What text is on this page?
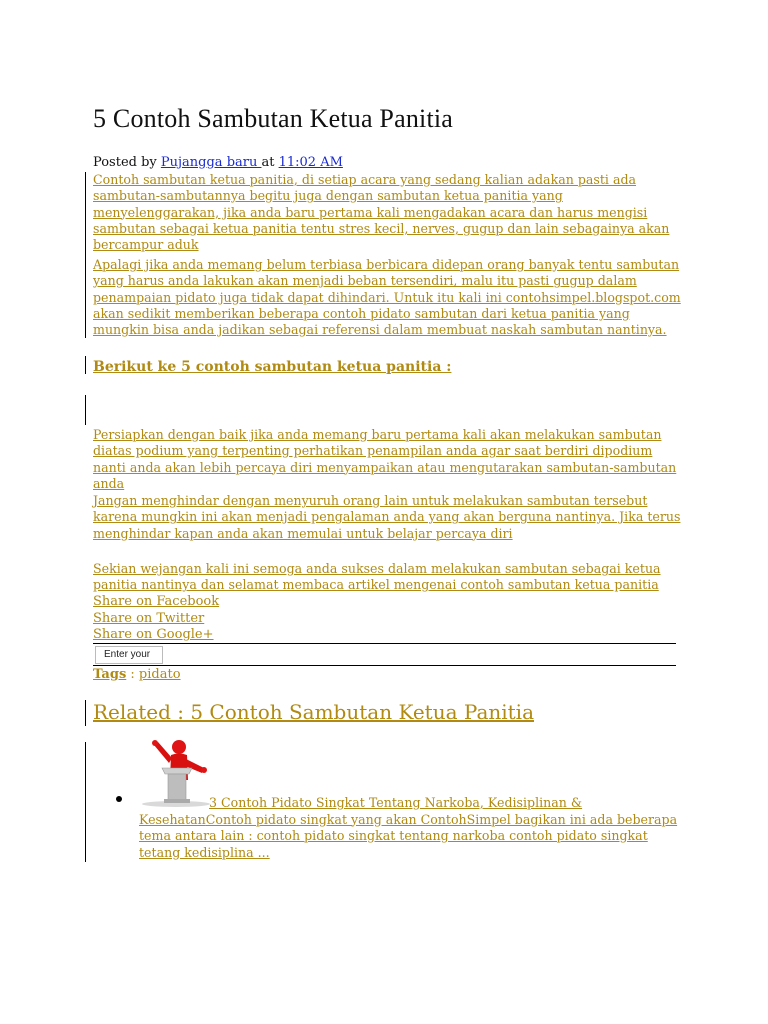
5 Contoh Sambutan Ketua Panitia
Posted by Pujangga baru at 11:02 AM

Contoh sambutan ketua panitia, di setiap acara yang sedang kalian adakan pasti ada sambutan-sambutannya begitu juga dengan sambutan ketua panitia yang menyelenggarakan, jika anda baru pertama kali mengadakan acara dan harus mengisi sambutan sebagai ketua panitia tentu stres kecil, nerves, gugup dan lain sebagainya akan bercampur aduk

Apalagi jika anda memang belum terbiasa berbicara didepan orang banyak tentu sambutan yang harus anda lakukan akan menjadi beban tersendiri, malu itu pasti gugup dalam penampaian pidato juga tidak dapat dihindari. Untuk itu kali ini contohsimpel.blogspot.com akan sedikit memberikan beberapa contoh pidato sambutan dari ketua panitia yang mungkin bisa anda jadikan sebagai referensi dalam membuat naskah sambutan nantinya.

Berikut ke 5 contoh sambutan ketua panitia :

Persiapkan dengan baik jika anda memang baru pertama kali akan melakukan sambutan diatas podium yang terpenting perhatikan penampilan anda agar saat berdiri dipodium nanti anda akan lebih percaya diri menyampaikan atau mengutarakan sambutan-sambutan anda

Jangan menghindar dengan menyuruh orang lain untuk melakukan sambutan tersebut karena mungkin ini akan menjadi pengalaman anda yang akan berguna nantinya. Jika terus menghindar kapan anda akan memulai untuk belajar percaya diri

Sekian wejangan kali ini semoga anda sukses dalam melakukan sambutan sebagai ketua panitia nantinya dan selamat membaca artikel mengenai contoh sambutan ketua panitia

Share on Facebook
Share on Twitter
Share on Google+
Enter your
Tags : pidato
Related : 5 Contoh Sambutan Ketua Panitia

3 Contoh Pidato Singkat Tentang Narkoba, Kedisiplinan & KesehatanContoh pidato singkat yang akan ContohSimpel bagikan ini ada beberapa tema antara lain : contoh pidato singkat tentang narkoba contoh pidato singkat tetang kedisiplina ...
